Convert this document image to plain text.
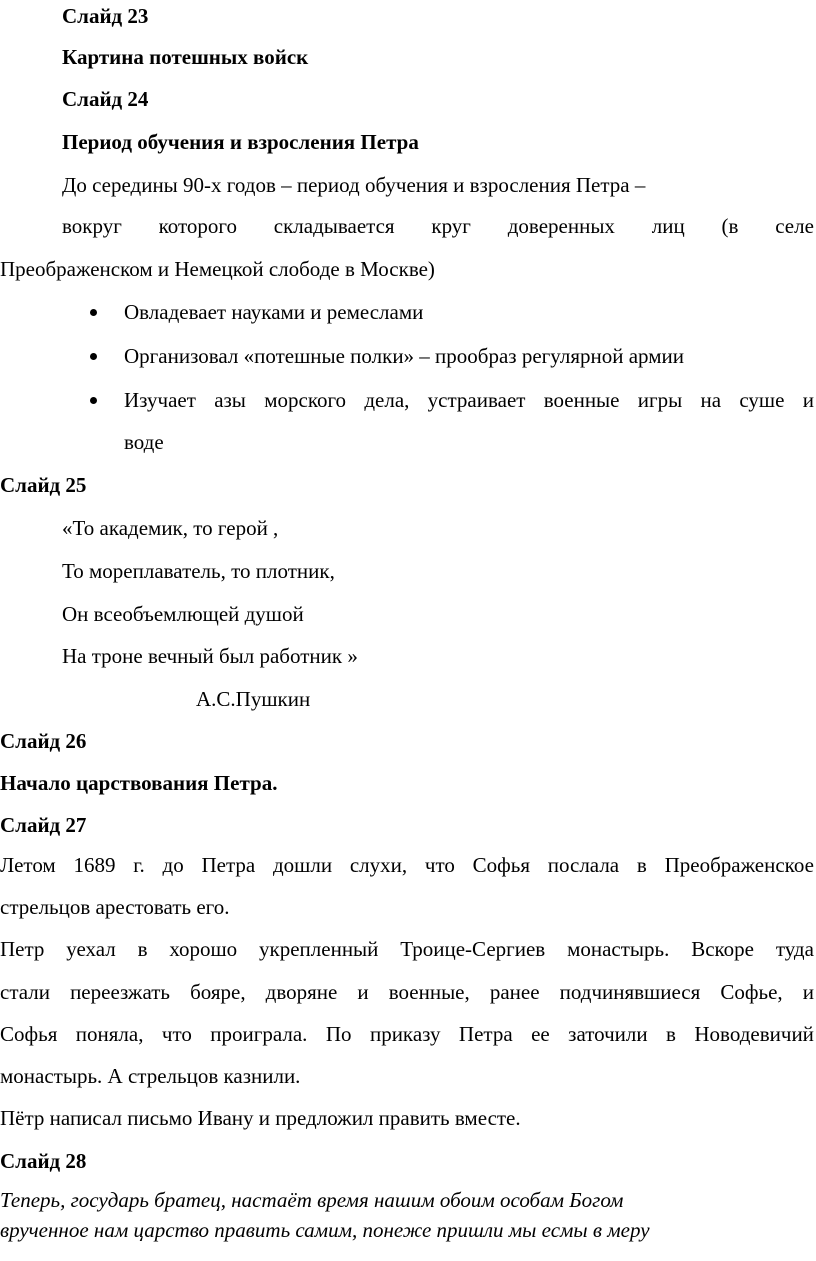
Слайд 23
Картина потешных войск
Слайд 24
Период обучения и взросления Петра
До середины 90-х годов – период обучения и взросления Петра –
вокруг которого складывается круг доверенных лиц (в селе
Преображенском и Немецкой слободе в Москве)
Овладевает науками и ремеслами
Организовал «потешные полки» – прообраз регулярной армии
Изучает азы морского дела, устраивает военные игры на суше и
воде
Слайд 25
«То академик, то герой ,
То мореплаватель, то плотник,
Он всеобъемлющей душой
На троне вечный был работник »
А.С.Пушкин
Слайд 26
Начало царствования Петра.
Слайд 27
Летом 1689 г. до Петра дошли слухи, что Софья послала в Преображенское
стрельцов арестовать его.
Петр уехал в хорошо укрепленный Троице-Сергиев монастырь. Вскоре туда
стали переезжать бояре, дворяне и военные, ранее подчинявшиеся Софье, и
Софья поняла, что проиграла. По приказу Петра ее заточили в Новодевичий
монастырь. А стрельцов казнили.
Пётр написал письмо Ивану и предложил править вместе.
Слайд 28
Теперь, государь братец, настаёт время нашим обоим особам Богом
врученное нам царство править самим, понеже пришли мы есмы в меру
